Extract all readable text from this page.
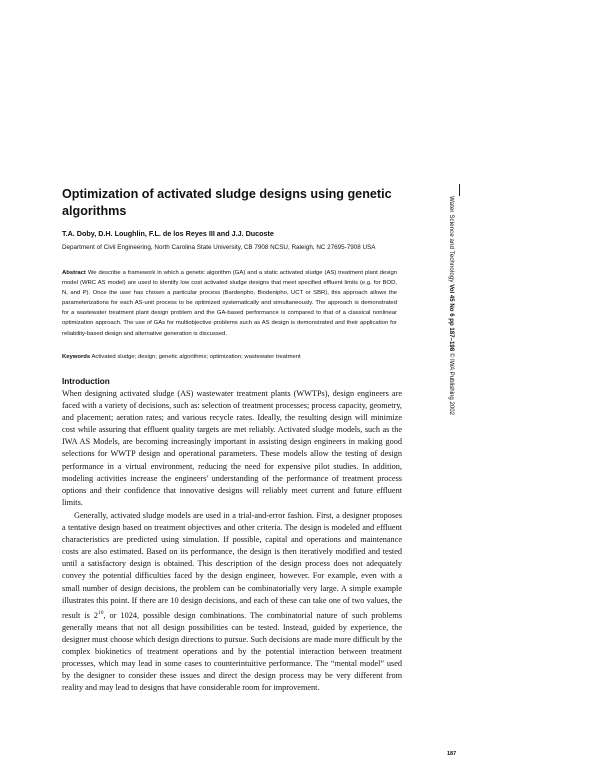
Optimization of activated sludge designs using genetic algorithms

T.A. Doby, D.H. Loughlin, F.L. de los Reyes III and J.J. Ducoste

Department of Civil Engineering, North Carolina State University, CB 7908 NCSU, Raleigh, NC 27695-7908 USA

Abstract We describe a framework in which a genetic algorithm (GA) and a static activated sludge (AS) treatment plant design model (WRC AS model) are used to identify low cost activated sludge designs that meet specified effluent limits (e.g. for BOD, N, and P). Once the user has chosen a particular process (Bardenpho, Biodenipho, UCT or SBR), this approach allows the parameterizations for each AS-unit process to be optimized systematically and simultaneously. The approach is demonstrated for a wastewater treatment plant design problem and the GA-based performance is compared to that of a classical nonlinear optimization approach. The use of GAs for multiobjective problems such as AS design is demonstrated and their application for reliability-based design and alternative generation is discussed.

Keywords Activated sludge; design; genetic algorithms; optimization; wastewater treatment

Introduction

When designing activated sludge (AS) wastewater treatment plants (WWTPs), design engineers are faced with a variety of decisions, such as: selection of treatment processes; process capacity, geometry, and placement; aeration rates; and various recycle rates. Ideally, the resulting design will minimize cost while assuring that effluent quality targets are met reliably. Activated sludge models, such as the IWA AS Models, are becoming increasingly important in assisting design engineers in making good selections for WWTP design and operational parameters. These models allow the testing of design performance in a virtual environment, reducing the need for expensive pilot studies. In addition, modeling activities increase the engineers' understanding of the performance of treatment process options and their confidence that innovative designs will reliably meet current and future effluent limits.

Generally, activated sludge models are used in a trial-and-error fashion. First, a designer proposes a tentative design based on treatment objectives and other criteria. The design is modeled and effluent characteristics are predicted using simulation. If possible, capital and operations and maintenance costs are also estimated. Based on its performance, the design is then iteratively modified and tested until a satisfactory design is obtained. This description of the design process does not adequately convey the potential difficulties faced by the design engineer, however. For example, even with a small number of design decisions, the problem can be combinatorially very large. A simple example illustrates this point. If there are 10 design decisions, and each of these can take one of two values, the result is $2^{10}$, or 1024, possible design combinations. The combinatorial nature of such problems generally means that not all design possibilities can be tested. Instead, guided by experience, the designer must choose which design directions to pursue. Such decisions are made more difficult by the complex biokinetics of treatment operations and by the potential interaction between treatment processes, which may lead in some cases to counterintuitive performance. The “mental model” used by the designer to consider these issues and direct the design process may be very different from reality and may lead to designs that have considerable room for improvement.

Water Science and Technology Vol 45 No 6 pp 187–198 © IWA Publishing 2002
187
